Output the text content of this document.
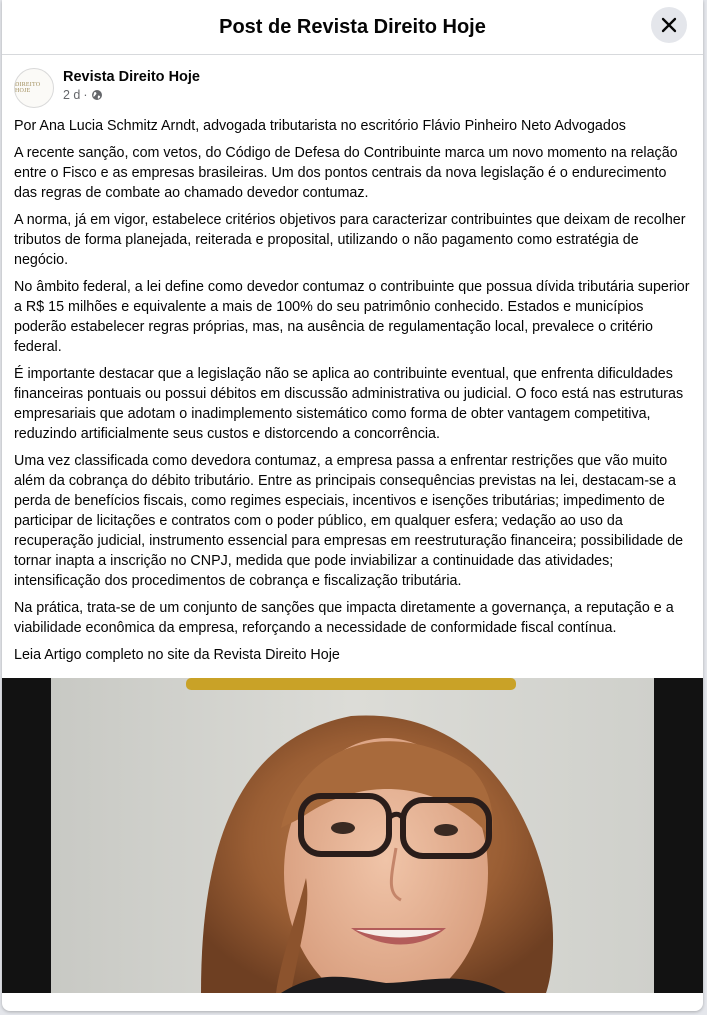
Post de Revista Direito Hoje
DIREITO HOJE
Revista Direito Hoje
2 d ·

Por Ana Lucia Schmitz Arndt, advogada tributarista no escritório Flávio Pinheiro Neto Advogados

A recente sanção, com vetos, do Código de Defesa do Contribuinte marca um novo momento na relação entre o Fisco e as empresas brasileiras. Um dos pontos centrais da nova legislação é o endurecimento das regras de combate ao chamado devedor contumaz.

A norma, já em vigor, estabelece critérios objetivos para caracterizar contribuintes que deixam de recolher tributos de forma planejada, reiterada e proposital, utilizando o não pagamento como estratégia de negócio.

No âmbito federal, a lei define como devedor contumaz o contribuinte que possua dívida tributária superior a R$ 15 milhões e equivalente a mais de 100% do seu patrimônio conhecido. Estados e municípios poderão estabelecer regras próprias, mas, na ausência de regulamentação local, prevalece o critério federal.

É importante destacar que a legislação não se aplica ao contribuinte eventual, que enfrenta dificuldades financeiras pontuais ou possui débitos em discussão administrativa ou judicial. O foco está nas estruturas empresariais que adotam o inadimplemento sistemático como forma de obter vantagem competitiva, reduzindo artificialmente seus custos e distorcendo a concorrência.

Uma vez classificada como devedora contumaz, a empresa passa a enfrentar restrições que vão muito além da cobrança do débito tributário. Entre as principais consequências previstas na lei, destacam-se a perda de benefícios fiscais, como regimes especiais, incentivos e isenções tributárias; impedimento de participar de licitações e contratos com o poder público, em qualquer esfera; vedação ao uso da recuperação judicial, instrumento essencial para empresas em reestruturação financeira; possibilidade de tornar inapta a inscrição no CNPJ, medida que pode inviabilizar a continuidade das atividades; intensificação dos procedimentos de cobrança e fiscalização tributária.

Na prática, trata-se de um conjunto de sanções que impacta diretamente a governança, a reputação e a viabilidade econômica da empresa, reforçando a necessidade de conformidade fiscal contínua.

Leia Artigo completo no site da Revista Direito Hoje
